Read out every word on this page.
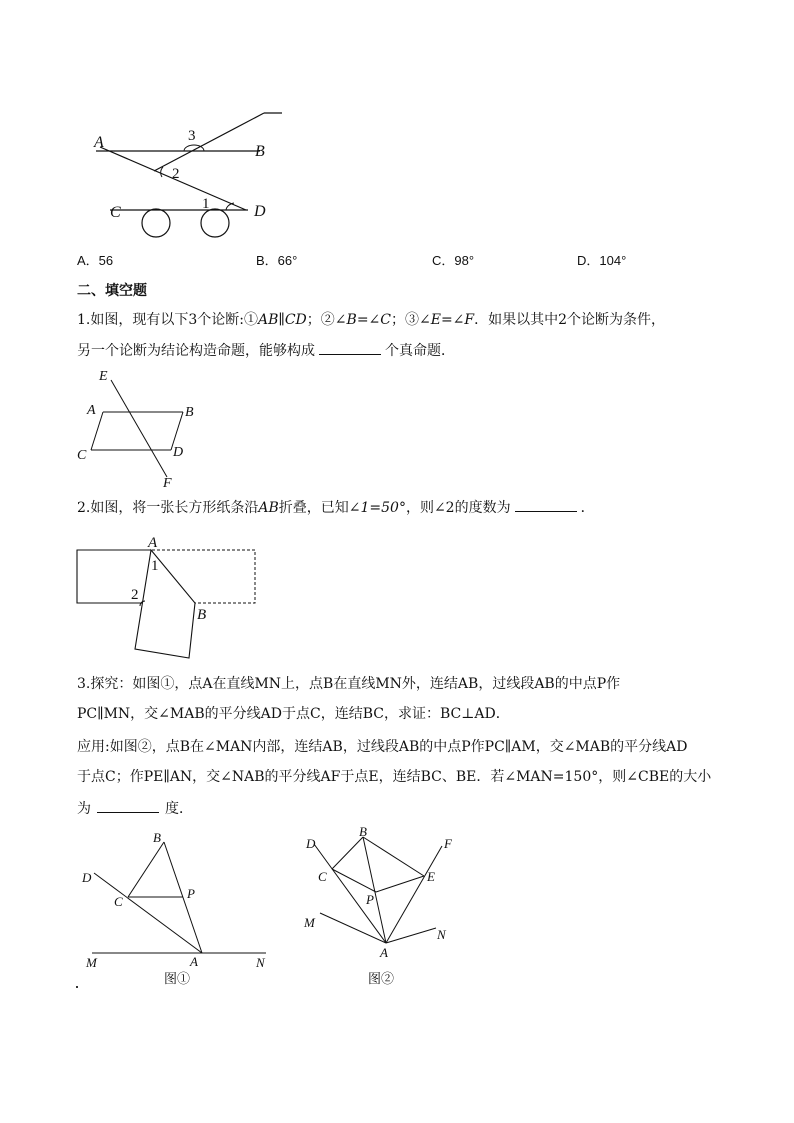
A
B
C	D
1
2
3
A．56	B．66°	C．98°	D．104°
二、填空题
1.如图，现有以下3个论断:①AB∥CD；②∠B=∠C；③∠E=∠F．如果以其中2个论断为条件，
另一个论断为结论构造命题，能够构成	个真命题．
E
A	B
C	D
F
2.如图，将一张长方形纸条沿AB折叠，已知∠1=50°，则∠2的度数为	．
A
B
1
2
3.探究：如图①，点A在直线MN上，点B在直线MN外，连结AB，过线段AB的中点P作
PC∥MN，交∠MAB的平分线AD于点C，连结BC，求证：BC⊥AD．
应用:如图②，点B在∠MAN内部，连结AB，过线段AB的中点P作PC∥AM，交∠MAB的平分线AD
于点C；作PE∥AN，交∠NAB的平分线AF于点E，连结BC、BE．若∠MAN=150°，则∠CBE的大小
为	度．
B
D
C
P
M	A	N
图①
B
D	F
C	E
P
M
N
A
图②
